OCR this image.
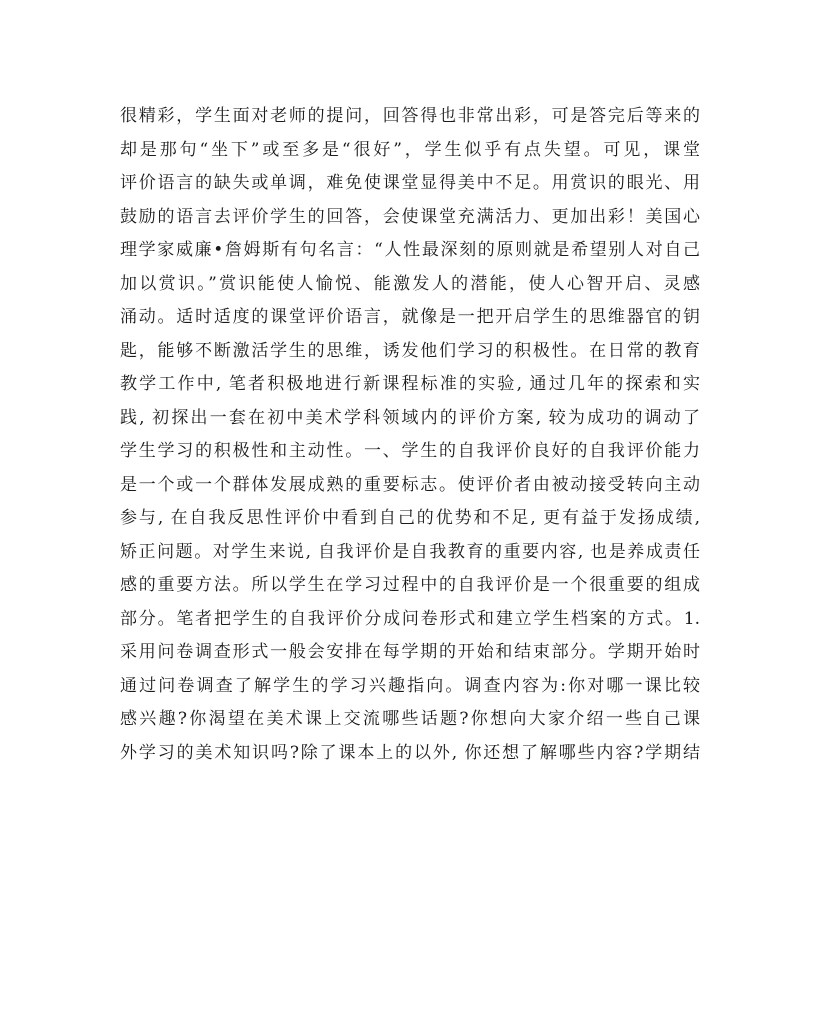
很精彩，学生面对老师的提问，回答得也非常出彩，可是答完后等来的
却是那句“坐下”或至多是“很好”，学生似乎有点失望。可见，课堂
评价语言的缺失或单调，难免使课堂显得美中不足。用赏识的眼光、用
鼓励的语言去评价学生的回答，会使课堂充满活力、更加出彩！美国心
理学家威廉•詹姆斯有句名言：“人性最深刻的原则就是希望别人对自己
加以赏识。”赏识能使人愉悦、能激发人的潜能，使人心智开启、灵感
涌动。适时适度的课堂评价语言，就像是一把开启学生的思维器官的钥
匙，能够不断激活学生的思维，诱发他们学习的积极性。在日常的教育
教学工作中, 笔者积极地进行新课程标准的实验, 通过几年的探索和实
践, 初探出一套在初中美术学科领域内的评价方案, 较为成功的调动了
学生学习的积极性和主动性。一、学生的自我评价良好的自我评价能力
是一个或一个群体发展成熟的重要标志。使评价者由被动接受转向主动
参与, 在自我反思性评价中看到自己的优势和不足, 更有益于发扬成绩,
矫正问题。对学生来说, 自我评价是自我教育的重要内容, 也是养成责任
感的重要方法。所以学生在学习过程中的自我评价是一个很重要的组成
部分。笔者把学生的自我评价分成问卷形式和建立学生档案的方式。1.
采用问卷调查形式一般会安排在每学期的开始和结束部分。学期开始时
通过问卷调查了解学生的学习兴趣指向。调查内容为:你对哪一课比较
感兴趣?你渴望在美术课上交流哪些话题?你想向大家介绍一些自己课
外学习的美术知识吗?除了课本上的以外, 你还想了解哪些内容?学期结
